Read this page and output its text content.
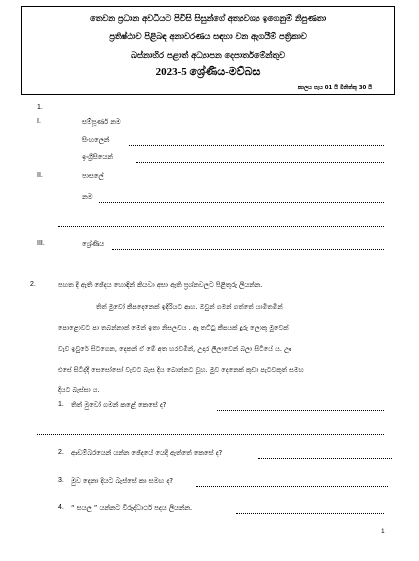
තෙවන ප්‍රධාන අවධියට පිවිසි සිසුන්ගේ අත්‍යවශ්‍ය ඉගෙනුම් නිපුණතා
ප්‍රතිෂ්ඨාව පිළිබඳ අනාවරණය සඳහා වන ඇගයීම් පත්‍රිකාව
බස්නාහිර පළාත් අධ්‍යාපන දෙපාර්තමේන්තුව
2023-5 ශ්‍රේණිය-මව්බස
කාලය පැය 01 යි මිනිත්තු 30 යි
1.
I.	සම්පූර්ණ නම
සිංහලෙන්
ඉංග්‍රීසියෙන්
II.	පාසලේ
නම
III.	ශ්‍රේණිය
2.	පහත දී ඇති ඡේදය හොඳින් කියවා අසා ඇති ප්‍රශ්නවලට පිළිතුරු ලියන්න.
තිත් මුවෝ කීපදෙනෙක් ඉදිරියට ආහ. ඔවුන් ගමන් ගත්තේ යාමිතමින්
පොළොවට පා තබන්නාක් මෙන් ඉතා නිසලවය . ඈ තට්ටු කීපයක් දුරු ලොකු මුවෙක්
වැව ඉවුරේ සිටගෙන, දෙකන් ඒ මේ අත හරවමින්, උදාර ලීලාවෙන් බලා සිටියේ ය. ඌ
එසේ සිටිද්දී සෙසෝසෝ වැවට බැස දිය බොන්නට වූහ. මුව දෙනෙක් කුඩා පැටවකුත් සමහ
දියට බැස්සා ය.
1. තිත් මුවෝ ගමන් කළේ කෙසේ ද?
2. ආඩම්බරයෙන් යන්න ඡේදයේ යෙදී ඇත්තේ කෙසේ ද?
3. මුව දෙනා දියට බැස්සේ කා සමඟ ද?
4. “ සයල ” යන්නට විරුද්ධාර්ථ පදය ලියන්න.
1
